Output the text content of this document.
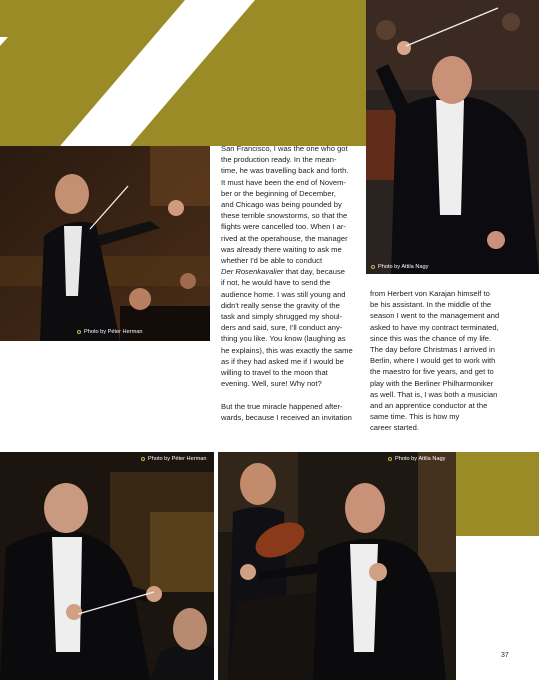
Photo by Péter Herman
Photo by Attila Nagy
Photo by Péter Herman	Photo by Attila Nagy

San Francisco, I was the one who got
the production ready. In the mean-
time, he was travelling back and forth.
It must have been the end of Novem-
ber or the beginning of December,
and Chicago was being pounded by
these terrible snowstorms, so that the
flights were cancelled too. When I ar-
rived at the operahouse, the manager
was already there waiting to ask me
whether I'd be able to conduct
Der Rosenkavalier that day, because
if not, he would have to send the
audience home. I was still young and
didn't really sense the gravity of the
task and simply shrugged my shoul-
ders and said, sure, I'll conduct any-
thing you like. You know (laughing as
he explains), this was exactly the same
as if they had asked me if I would be
willing to travel to the moon that
evening. Well, sure! Why not?

But the true miracle happened after-
wards, because I received an invitation

from Herbert von Karajan himself to
be his assistant. In the middle of the
season I went to the management and
asked to have my contract terminated,
since this was the chance of my life.
The day before Christmas I arrived in
Berlin, where I would get to work with
the maestro for five years, and get to
play with the Berliner Philharmoniker
as well. That is, I was both a musician
and an apprentice conductor at the
same time. This is how my
career started.

37
